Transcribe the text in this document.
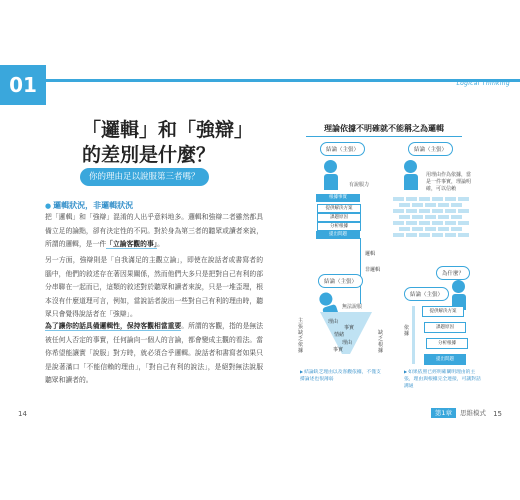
01	Logical Thinking
「邏輯」和「強辯」
的差別是什麼？
你的理由足以說服第三者嗎？
● 邏輯狀況，非邏輯狀況
把「邏輯」和「強辯」混淆的人出乎意料地多。邏輯和強辯二者雖然都具備立足的論點，卻有決定性的不同。對於身為第三者的聽眾或讀者來說，所謂的邏輯，是一件「立論客觀的事」。
另一方面，強辯則是「自我滿足的主觀立論」，即使在說話者或書寫者的腦中，他們的敘述存在著因果關係，然而他們大多只是把對自己有利的部分串聯在一起而已，這類的敘述對於聽眾和讀者來說，只是一堆歪理，根本沒有什麼道理可言，例如，當說話者說出一些對自己有利的理由時，聽眾只會覺得說話者在「強辯」。
為了讓你的話具備邏輯性，保持客觀相當重要。所謂的客觀，指的是無法被任何人否定的事實，任何論向一個人的言論，都會變成主觀的看法。當你希望能讓實「說服」對方時，就必須合乎邏輯。說話者和書寫者如果只是說著滿口「不能信賴的理由」，「對自己有利的說法」，是絕對無法說服聽眾和讀者的。
14
理論依據不明確就不能稱之為邏輯
結論（主張）
有說服力
根據事實
提供解決方案
課題原因
分析根據
提出問題
結論（主張）
用理由作為依據，當是一件事實，理論明確，可以信賴
邏輯
非邏輯
結論（主張）
無法說服
理由
事實
情緒
理由
事實
主張缺乏依據
缺乏根據
▶ 結論缺乏理由以及客觀依據，不僅支撐論述也很薄弱
結論（主張）
為什麼？
提供解決方案
課題原因
分析根據
提出問題
依據
▶ 如果依照已經明確闡明理由的主張，理由與根據完全連接，可讓對話溝通
第1章 思維模式 15
